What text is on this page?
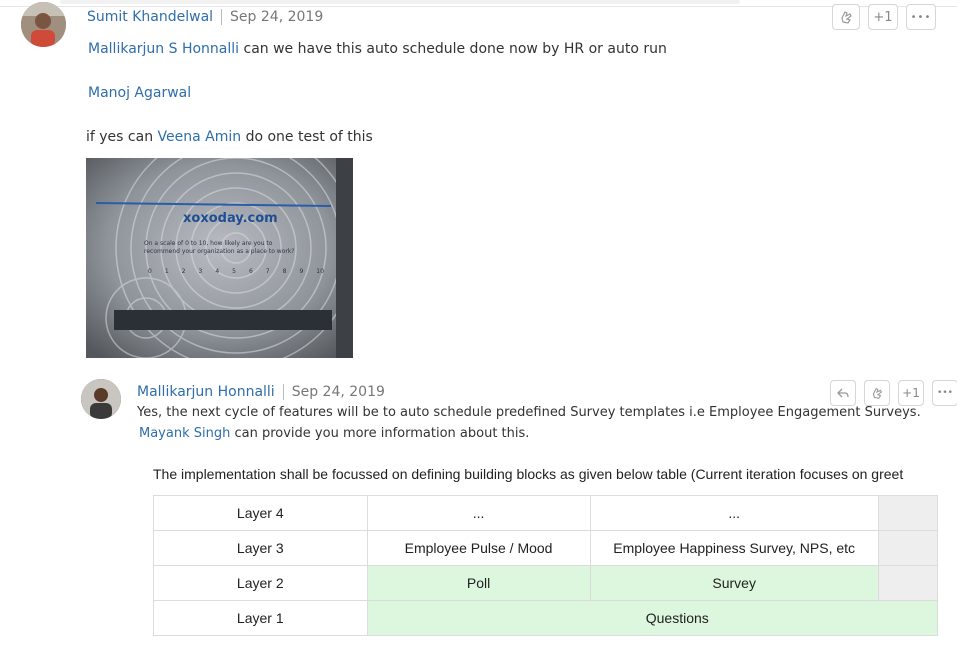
Sumit Khandelwal Sep 24, 2019	+1 •••
Mallikarjun S Honnalli can we have this auto schedule done now by HR or auto run
Manoj Agarwal
if yes can Veena Amin do one test of this
xoxoday.com
On a scale of 0 to 10, how likely are you to recommend your organization as a place to work?
0 1 2 3 4 5 6 7 8 9 10
Mallikarjun Honnalli Sep 24, 2019	+1 •••
Yes, the next cycle of features will be to auto schedule predefined Survey templates i.e Employee Engagement Surveys.
Mayank Singh can provide you more information about this.
The implementation shall be focussed on defining building blocks as given below table (Current iteration focuses on greet
Layer 4	...	...	
Layer 3	Employee Pulse / Mood	Employee Happiness Survey, NPS, etc	
Layer 2	Poll	Survey	
Layer 1	Questions		
